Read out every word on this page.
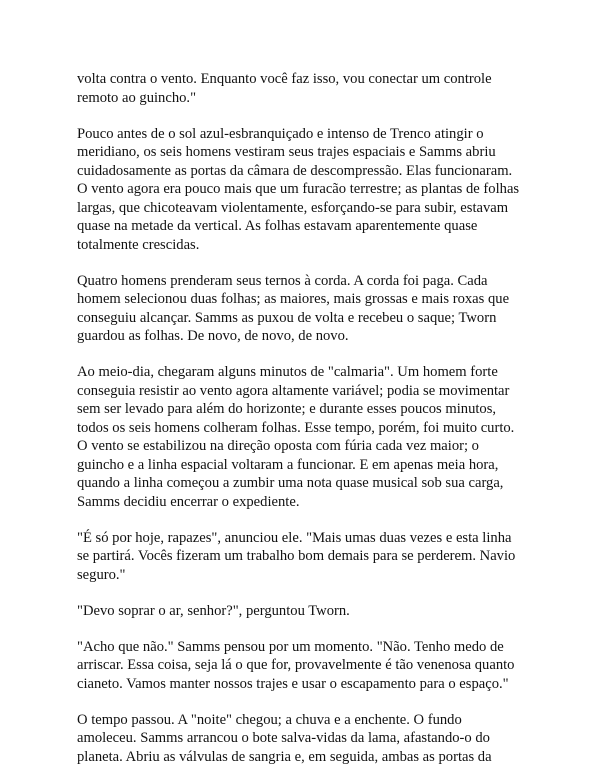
volta contra o vento. Enquanto você faz isso, vou conectar um controle
remoto ao guincho."

Pouco antes de o sol azul-esbranquiçado e intenso de Trenco atingir o
meridiano, os seis homens vestiram seus trajes espaciais e Samms abriu
cuidadosamente as portas da câmara de descompressão. Elas funcionaram.
O vento agora era pouco mais que um furacão terrestre; as plantas de folhas
largas, que chicoteavam violentamente, esforçando-se para subir, estavam
quase na metade da vertical. As folhas estavam aparentemente quase
totalmente crescidas.

Quatro homens prenderam seus ternos à corda. A corda foi paga. Cada
homem selecionou duas folhas; as maiores, mais grossas e mais roxas que
conseguiu alcançar. Samms as puxou de volta e recebeu o saque; Tworn
guardou as folhas. De novo, de novo, de novo.

Ao meio-dia, chegaram alguns minutos de "calmaria". Um homem forte
conseguia resistir ao vento agora altamente variável; podia se movimentar
sem ser levado para além do horizonte; e durante esses poucos minutos,
todos os seis homens colheram folhas. Esse tempo, porém, foi muito curto.
O vento se estabilizou na direção oposta com fúria cada vez maior; o
guincho e a linha espacial voltaram a funcionar. E em apenas meia hora,
quando a linha começou a zumbir uma nota quase musical sob sua carga,
Samms decidiu encerrar o expediente.

"É só por hoje, rapazes", anunciou ele. "Mais umas duas vezes e esta linha
se partirá. Vocês fizeram um trabalho bom demais para se perderem. Navio
seguro."

"Devo soprar o ar, senhor?", perguntou Tworn.

"Acho que não." Samms pensou por um momento. "Não. Tenho medo de
arriscar. Essa coisa, seja lá o que for, provavelmente é tão venenosa quanto
cianeto. Vamos manter nossos trajes e usar o escapamento para o espaço."

O tempo passou. A "noite" chegou; a chuva e a enchente. O fundo
amoleceu. Samms arrancou o bote salva-vidas da lama, afastando-o do
planeta. Abriu as válvulas de sangria e, em seguida, ambas as portas da
